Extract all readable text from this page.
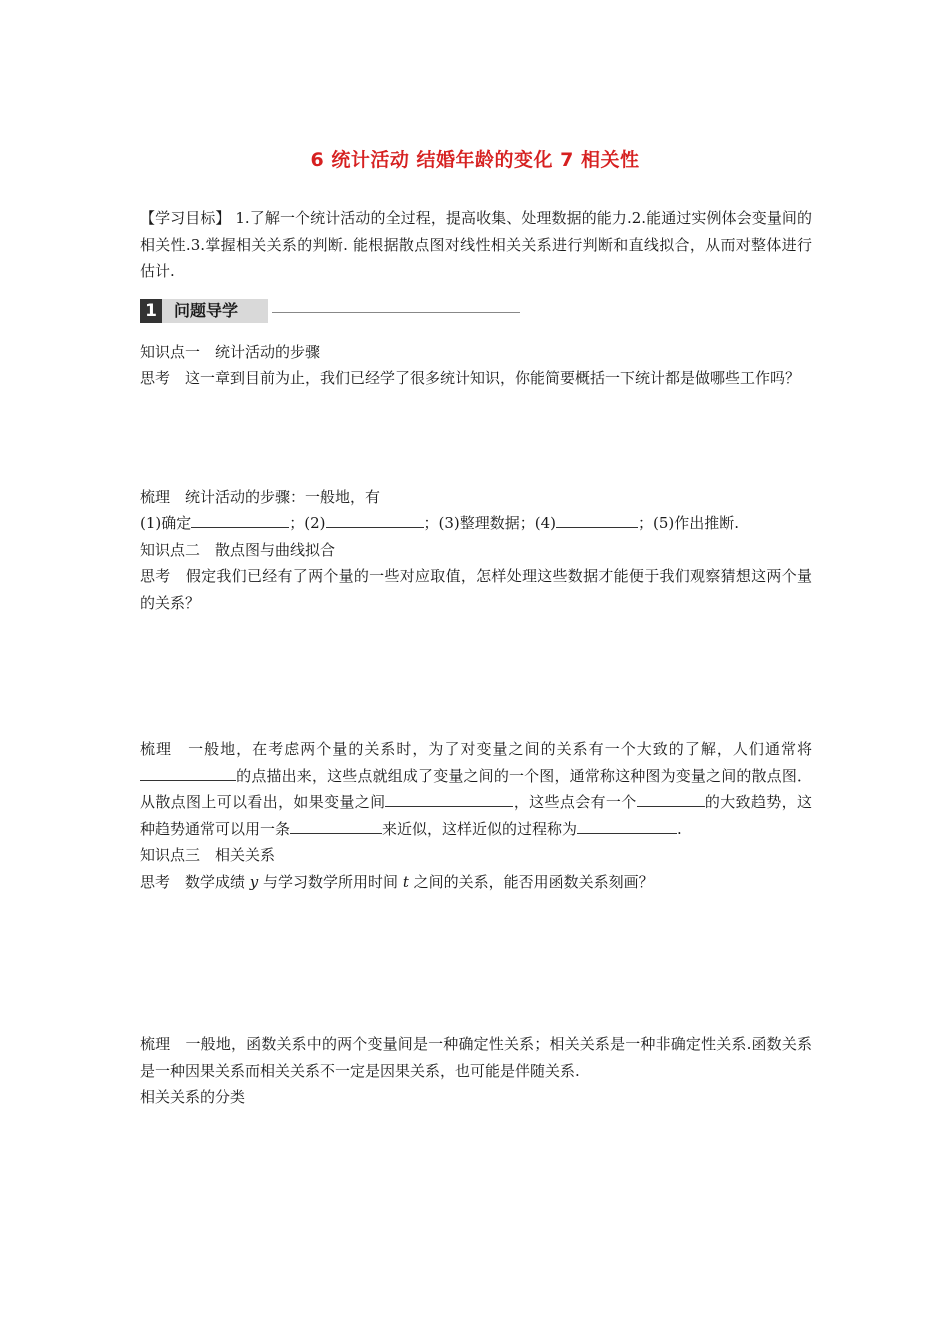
6 统计活动 结婚年龄的变化 7 相关性

【学习目标】 1.了解一个统计活动的全过程，提高收集、处理数据的能力.2.能通过实例体会变量间的相关性.3.掌握相关关系的判断. 能根据散点图对线性相关关系进行判断和直线拟合，从而对整体进行估计.

1	问题导学

知识点一　统计活动的步骤

思考　这一章到目前为止，我们已经学了很多统计知识，你能简要概括一下统计都是做哪些工作吗？

梳理　统计活动的步骤：一般地，有

(1)确定	；(2)	；(3)整理数据；(4)	；(5)作出推断.

知识点二　散点图与曲线拟合

思考　假定我们已经有了两个量的一些对应取值，怎样处理这些数据才能便于我们观察猜想这两个量的关系？

梳理　一般地，在考虑两个量的关系时，为了对变量之间的关系有一个大致的了解，人们通常将的点描出来，这些点就组成了变量之间的一个图，通常称这种图为变量之间的散点图．从散点图上可以看出，如果变量之间	，这些点会有一个	的大致趋势，这种趋势通常可以用一条	来近似，这样近似的过程称为	.

知识点三　相关关系

思考　数学成绩 y 与学习数学所用时间 t 之间的关系，能否用函数关系刻画？

梳理　一般地，函数关系中的两个变量间是一种确定性关系；相关关系是一种非确定性关系.函数关系是一种因果关系而相关关系不一定是因果关系，也可能是伴随关系.

相关关系的分类
